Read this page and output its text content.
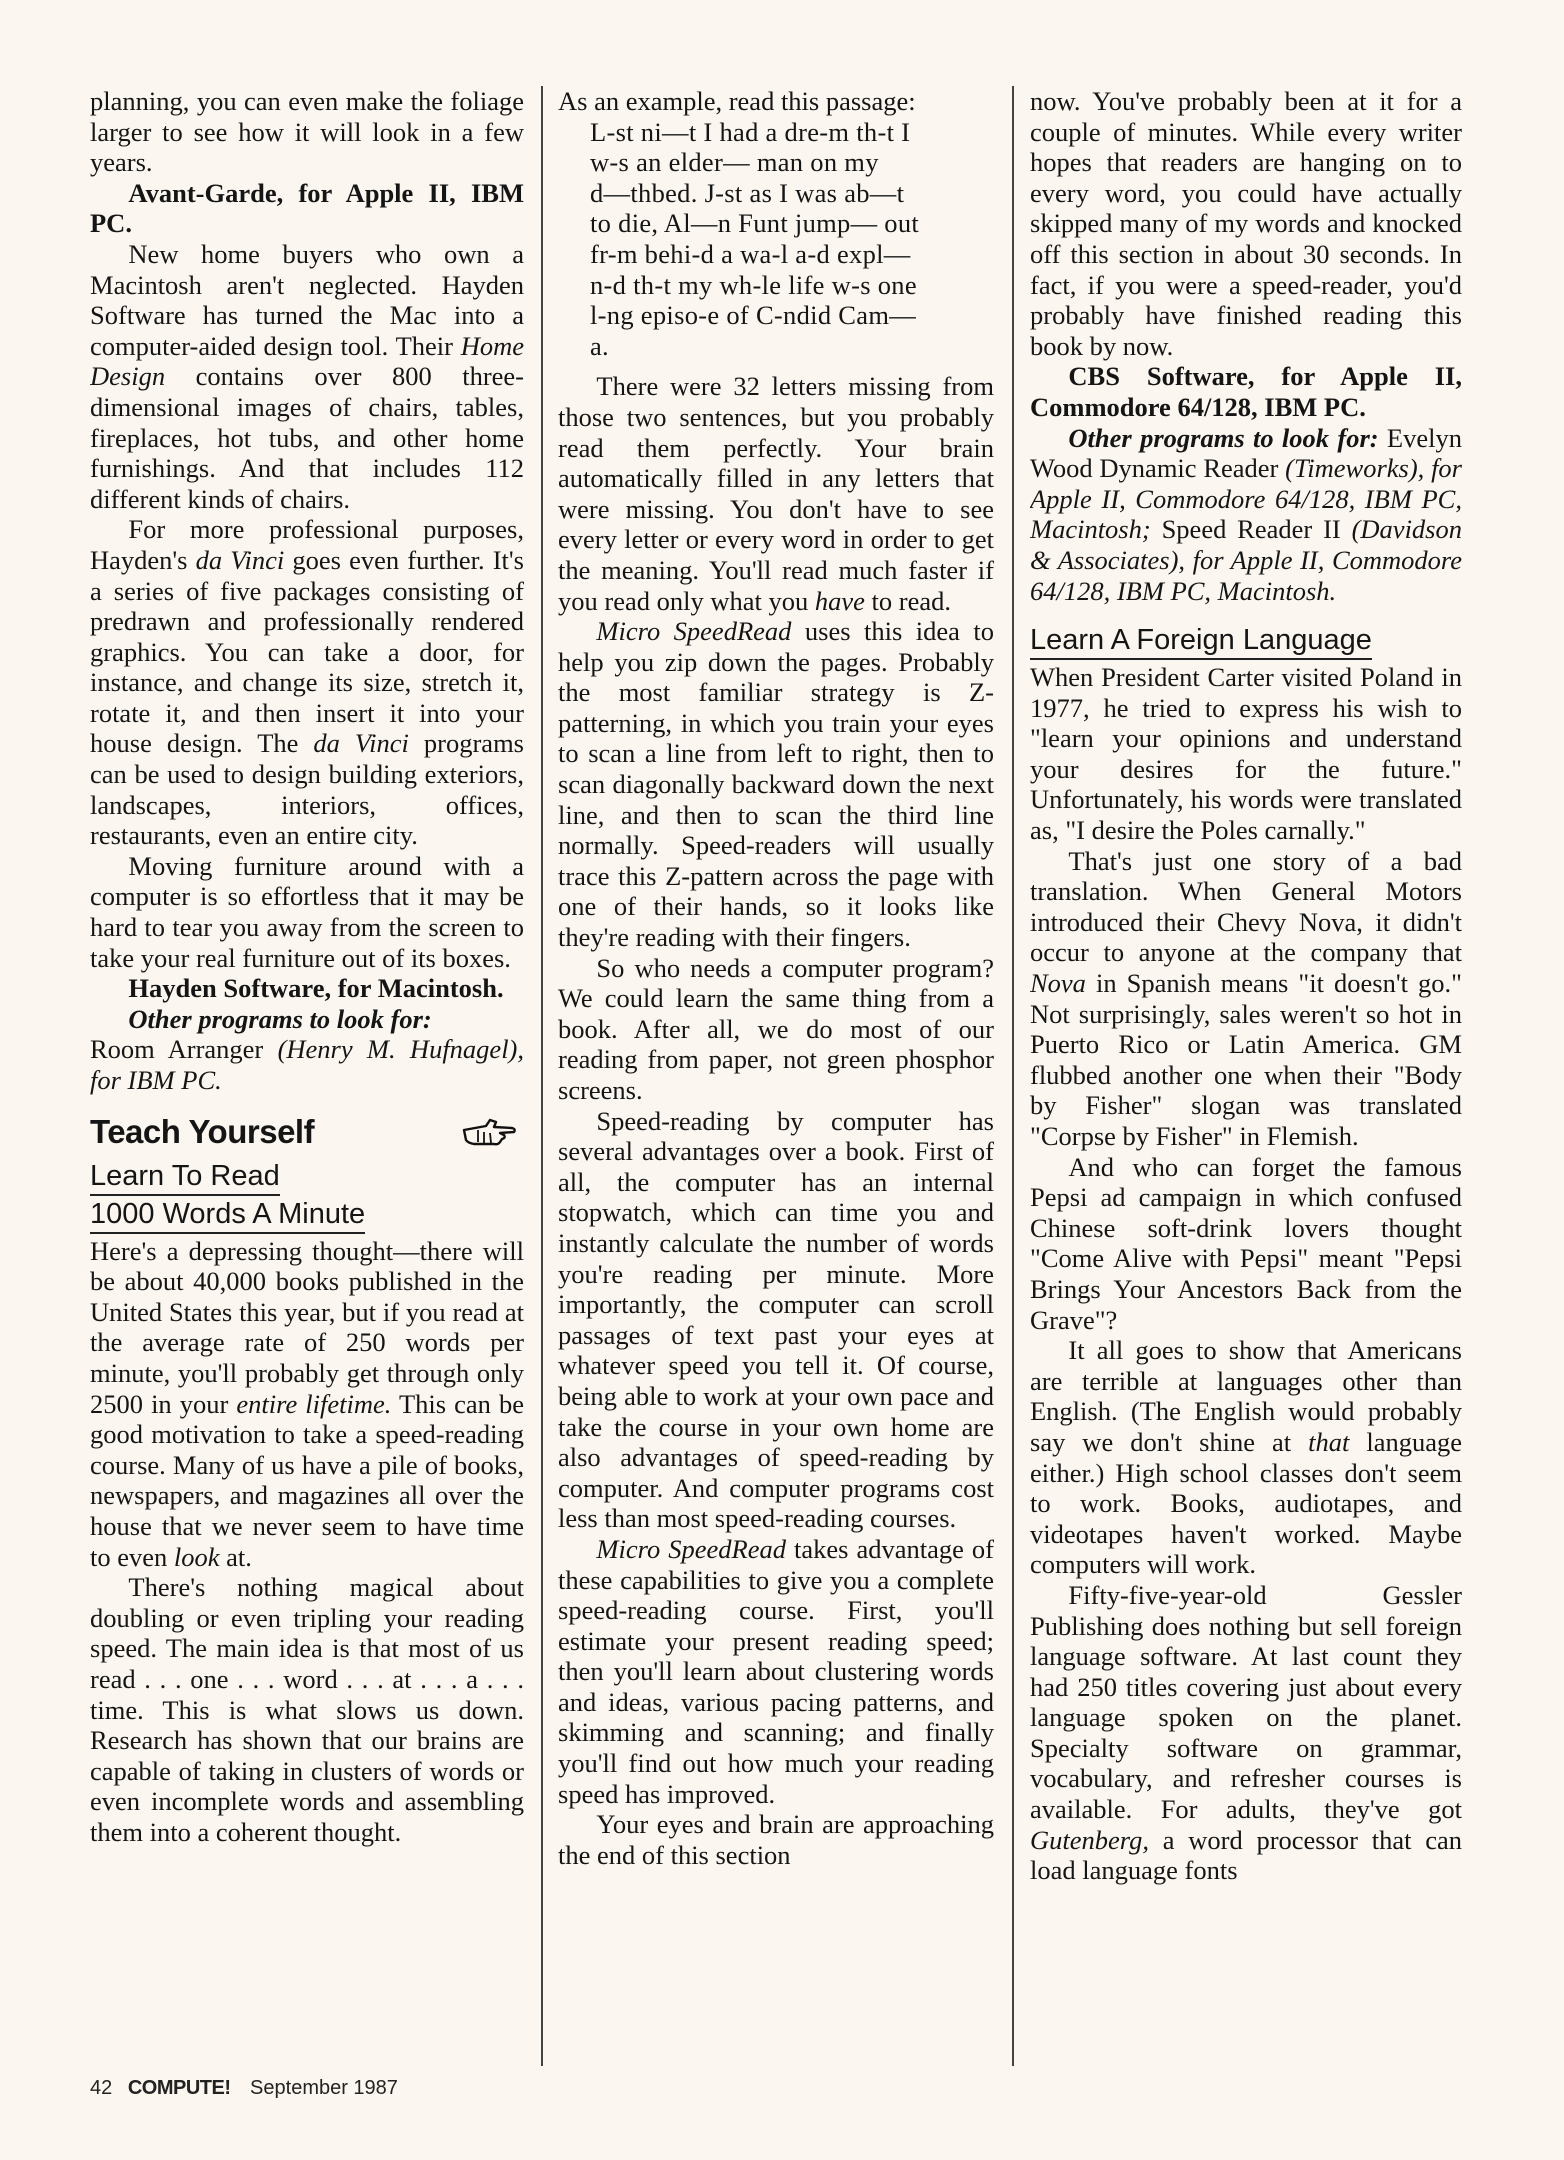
planning, you can even make the foliage larger to see how it will look in a few years.

Avant-Garde, for Apple II, IBM PC.

New home buyers who own a Macintosh aren't neglected. Hayden Software has turned the Mac into a computer-aided design tool. Their Home Design contains over 800 three-dimensional images of chairs, tables, fireplaces, hot tubs, and other home furnishings. And that includes 112 different kinds of chairs.

For more professional purposes, Hayden's da Vinci goes even further. It's a series of five packages consisting of predrawn and professionally rendered graphics. You can take a door, for instance, and change its size, stretch it, rotate it, and then insert it into your house design. The da Vinci programs can be used to design building exteriors, landscapes, interiors, offices, restaurants, even an entire city.

Moving furniture around with a computer is so effortless that it may be hard to tear you away from the screen to take your real furniture out of its boxes.

Hayden Software, for Macintosh.

Other programs to look for:
Room Arranger (Henry M. Hufnagel), for IBM PC.

Teach Yourself
Learn To Read
1000 Words A Minute

Here's a depressing thought—there will be about 40,000 books published in the United States this year, but if you read at the average rate of 250 words per minute, you'll probably get through only 2500 in your entire lifetime. This can be good motivation to take a speed-reading course. Many of us have a pile of books, newspapers, and magazines all over the house that we never seem to have time to even look at.

There's nothing magical about doubling or even tripling your reading speed. The main idea is that most of us read . . . one . . . word . . . at . . . a . . . time. This is what slows us down. Research has shown that our brains are capable of taking in clusters of words or even incomplete words and assembling them into a coherent thought.

As an example, read this passage:

L-st ni—t I had a dre-m th-t I
w-s an elder— man on my
d—thbed. J-st as I was ab—t
to die, Al—n Funt jump— out
fr-m behi-d a wa-l a-d expl—
n-d th-t my wh-le life w-s one
l-ng episo-e of C-ndid Cam—
a.

There were 32 letters missing from those two sentences, but you probably read them perfectly. Your brain automatically filled in any letters that were missing. You don't have to see every letter or every word in order to get the meaning. You'll read much faster if you read only what you have to read.

Micro SpeedRead uses this idea to help you zip down the pages. Probably the most familiar strategy is Z-patterning, in which you train your eyes to scan a line from left to right, then to scan diagonally backward down the next line, and then to scan the third line normally. Speed-readers will usually trace this Z-pattern across the page with one of their hands, so it looks like they're reading with their fingers.

So who needs a computer program? We could learn the same thing from a book. After all, we do most of our reading from paper, not green phosphor screens.

Speed-reading by computer has several advantages over a book. First of all, the computer has an internal stopwatch, which can time you and instantly calculate the number of words you're reading per minute. More importantly, the computer can scroll passages of text past your eyes at whatever speed you tell it. Of course, being able to work at your own pace and take the course in your own home are also advantages of speed-reading by computer. And computer programs cost less than most speed-reading courses.

Micro SpeedRead takes advantage of these capabilities to give you a complete speed-reading course. First, you'll estimate your present reading speed; then you'll learn about clustering words and ideas, various pacing patterns, and skimming and scanning; and finally you'll find out how much your reading speed has improved.

Your eyes and brain are approaching the end of this section

now. You've probably been at it for a couple of minutes. While every writer hopes that readers are hanging on to every word, you could have actually skipped many of my words and knocked off this section in about 30 seconds. In fact, if you were a speed-reader, you'd probably have finished reading this book by now.

CBS Software, for Apple II, Commodore 64/128, IBM PC.

Other programs to look for: Evelyn Wood Dynamic Reader (Timeworks), for Apple II, Commodore 64/128, IBM PC, Macintosh; Speed Reader II (Davidson & Associates), for Apple II, Commodore 64/128, IBM PC, Macintosh.

Learn A Foreign Language

When President Carter visited Poland in 1977, he tried to express his wish to "learn your opinions and understand your desires for the future." Unfortunately, his words were translated as, "I desire the Poles carnally."

That's just one story of a bad translation. When General Motors introduced their Chevy Nova, it didn't occur to anyone at the company that Nova in Spanish means "it doesn't go." Not surprisingly, sales weren't so hot in Puerto Rico or Latin America. GM flubbed another one when their "Body by Fisher" slogan was translated "Corpse by Fisher" in Flemish.

And who can forget the famous Pepsi ad campaign in which confused Chinese soft-drink lovers thought "Come Alive with Pepsi" meant "Pepsi Brings Your Ancestors Back from the Grave"?

It all goes to show that Americans are terrible at languages other than English. (The English would probably say we don't shine at that language either.) High school classes don't seem to work. Books, audiotapes, and videotapes haven't worked. Maybe computers will work.

Fifty-five-year-old Gessler Publishing does nothing but sell foreign language software. At last count they had 250 titles covering just about every language spoken on the planet. Specialty software on grammar, vocabulary, and refresher courses is available. For adults, they've got Gutenberg, a word processor that can load language fonts

42 COMPUTE! September 1987
